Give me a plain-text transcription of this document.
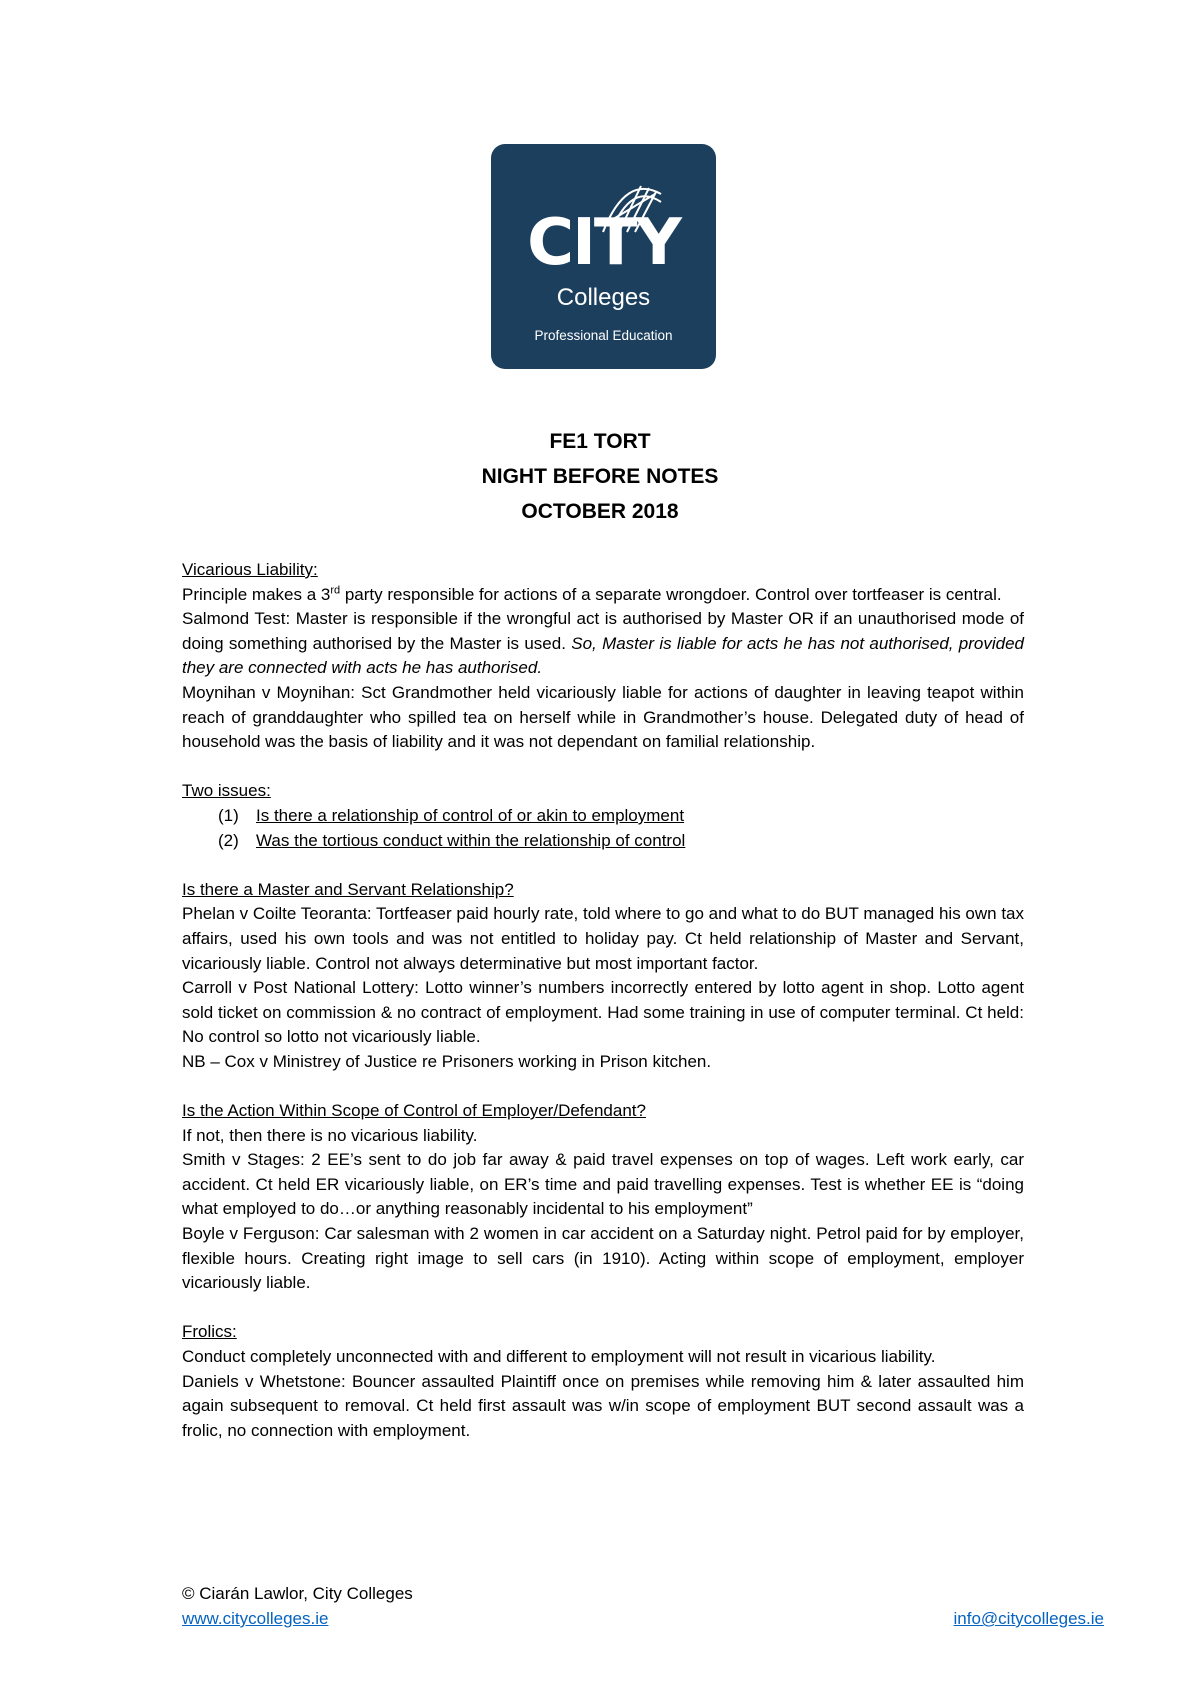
CITY
Colleges
Professional Education
FE1 TORT
NIGHT BEFORE NOTES
OCTOBER 2018

Vicarious Liability:

Principle makes a 3rd party responsible for actions of a separate wrongdoer. Control over tortfeaser is central.

Salmond Test: Master is responsible if the wrongful act is authorised by Master OR if an unauthorised mode of doing something authorised by the Master is used. So, Master is liable for acts he has not authorised, provided they are connected with acts he has authorised.

Moynihan v Moynihan: Sct Grandmother held vicariously liable for actions of daughter in leaving teapot within reach of granddaughter who spilled tea on herself while in Grandmother’s house. Delegated duty of head of household was the basis of liability and it was not dependant on familial relationship.

Two issues:

(1)	Is there a relationship of control of or akin to employment
(2)	Was the tortious conduct within the relationship of control

Is there a Master and Servant Relationship?

Phelan v Coilte Teoranta: Tortfeaser paid hourly rate, told where to go and what to do BUT managed his own tax affairs, used his own tools and was not entitled to holiday pay. Ct held relationship of Master and Servant, vicariously liable. Control not always determinative but most important factor.

Carroll v Post National Lottery: Lotto winner’s numbers incorrectly entered by lotto agent in shop. Lotto agent sold ticket on commission & no contract of employment. Had some training in use of computer terminal. Ct held: No control so lotto not vicariously liable.

NB – Cox v Ministrey of Justice re Prisoners working in Prison kitchen.

Is the Action Within Scope of Control of Employer/Defendant?

If not, then there is no vicarious liability.

Smith v Stages: 2 EE’s sent to do job far away & paid travel expenses on top of wages. Left work early, car accident. Ct held ER vicariously liable, on ER’s time and paid travelling expenses. Test is whether EE is “doing what employed to do…or anything reasonably incidental to his employment”

Boyle v Ferguson: Car salesman with 2 women in car accident on a Saturday night. Petrol paid for by employer, flexible hours. Creating right image to sell cars (in 1910). Acting within scope of employment, employer vicariously liable.

Frolics:

Conduct completely unconnected with and different to employment will not result in vicarious liability.

Daniels v Whetstone: Bouncer assaulted Plaintiff once on premises while removing him & later assaulted him again subsequent to removal. Ct held first assault was w/in scope of employment BUT second assault was a frolic, no connection with employment.

© Ciarán Lawlor, City Colleges
www.citycolleges.ie	info@citycolleges.ie
